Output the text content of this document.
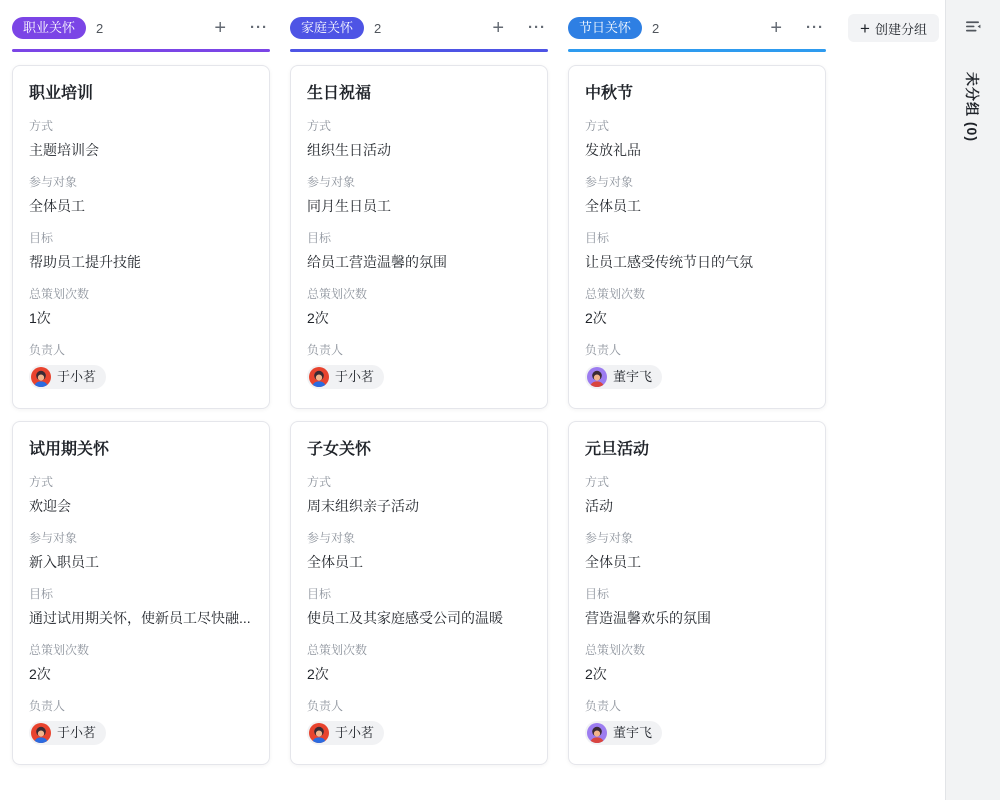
职业关怀	2	+ ···
职业培训
方式
主题培训会
参与对象
全体员工
目标
帮助员工提升技能
总策划次数
1次
负责人
于小茗
试用期关怀
方式
欢迎会
参与对象
新入职员工
目标
通过试用期关怀，使新员工尽快融...
总策划次数
2次
负责人
于小茗
家庭关怀	2	+ ···
生日祝福
方式
组织生日活动
参与对象
同月生日员工
目标
给员工营造温馨的氛围
总策划次数
2次
负责人
于小茗
子女关怀
方式
周末组织亲子活动
参与对象
全体员工
目标
使员工及其家庭感受公司的温暖
总策划次数
2次
负责人
于小茗
节日关怀	2	+ ···
中秋节
方式
发放礼品
参与对象
全体员工
目标
让员工感受传统节日的气氛
总策划次数
2次
负责人
董宇飞
元旦活动
方式
活动
参与对象
全体员工
目标
营造温馨欢乐的氛围
总策划次数
2次
负责人
董宇飞
+ 创建分组
未分组 (0)
